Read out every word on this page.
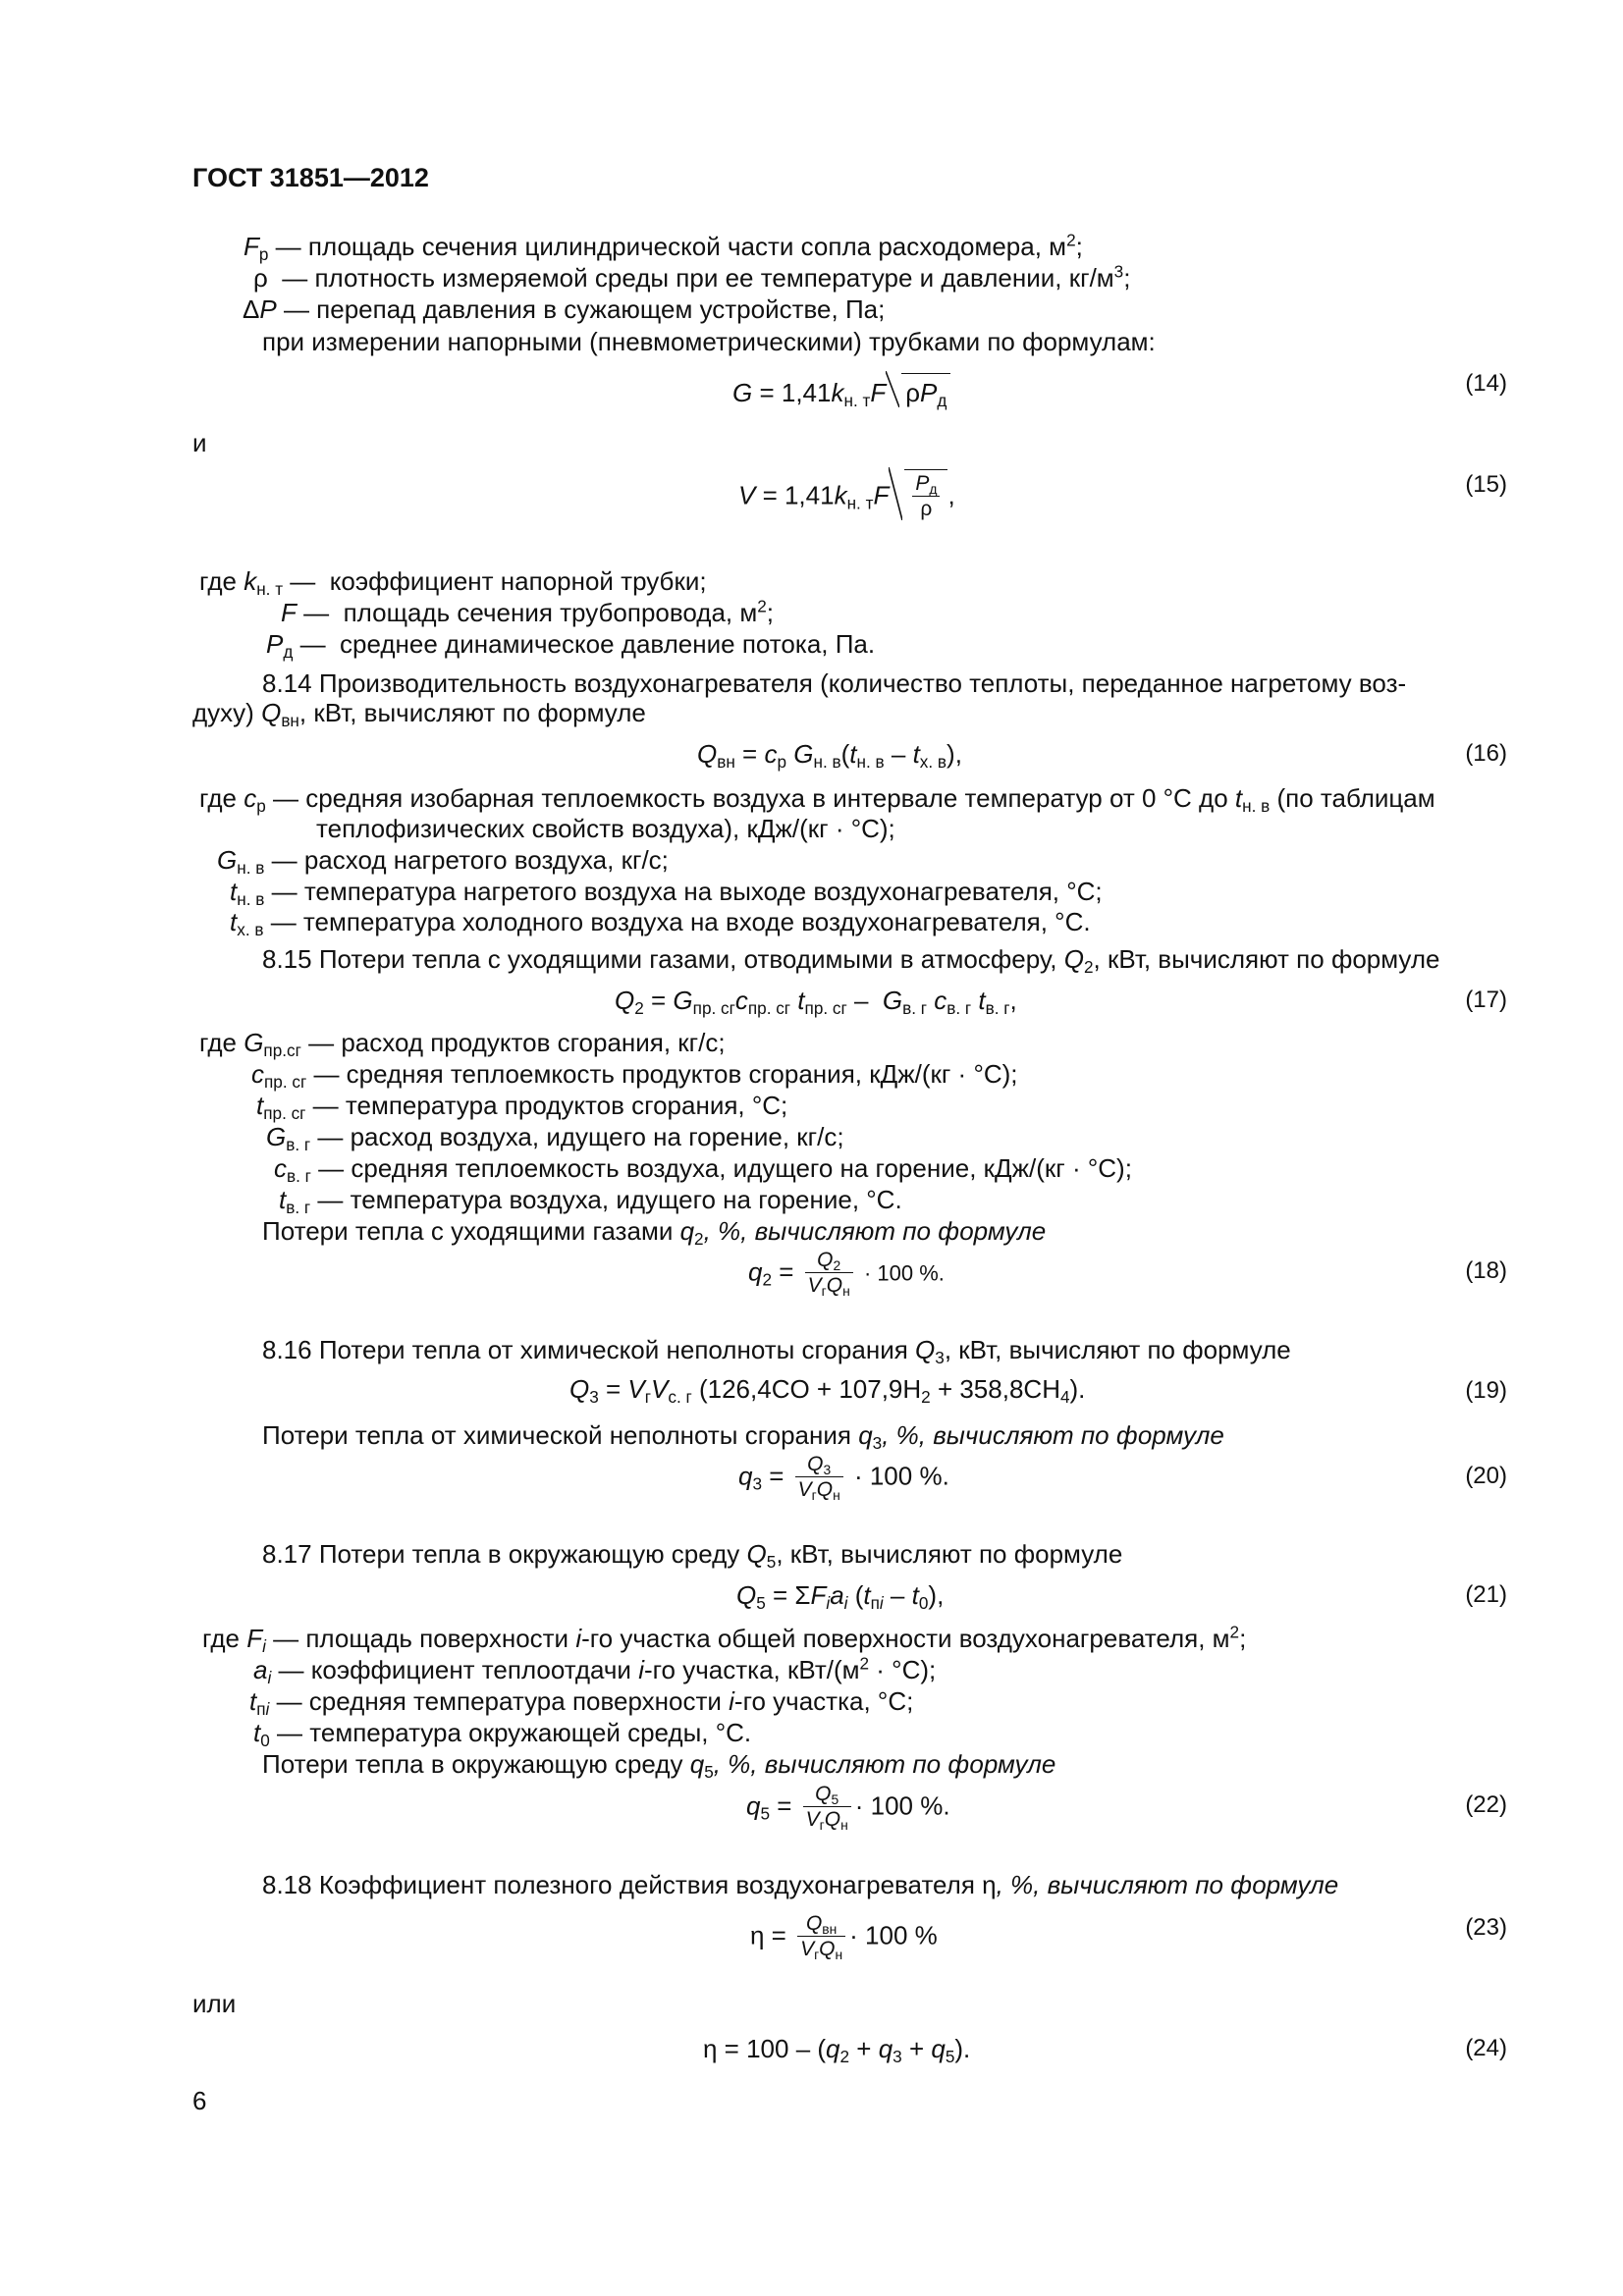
ГОСТ 31851—2012
$F_р$ — площадь сечения цилиндрической части сопла расходомера, $м^2$;
ρ  — плотность измеряемой среды при ее температуре и давлении, $кг/м^3$;
ΔP — перепад давления в сужающем устройстве, Па;
при измерении напорными (пневмометрическими) трубками по формулам:
$G = 1,41k_{н. т}F$ $\rho P_д$
(14)
и
$V = 1,41k_{н. т}F \frac{P_д}{\rho}$ ,	(15)
где $k_{н. т}$ —  коэффициент напорной трубки;
F —  площадь сечения трубопровода, $м^2$;
$P_д$ —  среднее динамическое давление потока, Па.
8.14 Производительность воздухонагревателя (количество теплоты, переданное нагретому воз-
духу) $Q_{вн}$, кВт, вычисляют по формуле
$Q_{вн} = c_р$ $G_{н. в}(t_{н. в} - t_{х. в})$,	(16)
где $c_р$ — средняя изобарная теплоемкость воздуха в интервале температур от 0 °С до $t_{н. в}$ (по таблицам
теплофизических свойств воздуха), кДж/(кг · °С);
$G_{н. в}$ — расход нагретого воздуха, кг/с;
$t_{н. в}$ — температура нагретого воздуха на выходе воздухонагревателя, °С;
$t_{х. в}$ — температура холодного воздуха на входе воздухонагревателя, °С.
8.15 Потери тепла с уходящими газами, отводимыми в атмосферу, $Q_2$, кВт, вычисляют по формуле
$Q_2 = G_{пр. сг}c_{пр. сг}$ $t_{пр. сг} - G_{в. г}$ $c_{в. г}$ $t_{в. г}$,	(17)
где $G_{пр.сг}$ — расход продуктов сгорания, кг/с;
$c_{пр. сг}$ — средняя теплоемкость продуктов сгорания, кДж/(кг · °С);
$t_{пр. сг}$ — температура продуктов сгорания, °С;
$G_{в. г}$ — расход воздуха, идущего на горение, кг/с;
$c_{в. г}$ — средняя теплоемкость воздуха, идущего на горение, кДж/(кг · °С);
$t_{в. г}$ — температура воздуха, идущего на горение, °С.
Потери тепла с уходящими газами $q_2$, %, вычисляют по формуле
$q_2 = \frac{Q_2}{V_гQ_н} \cdot 100$ %.	(18)
8.16 Потери тепла от химической неполноты сгорания $Q_3$, кВт, вычисляют по формуле
$Q_3 = V_гV_{с. г}$ $(126,4CO + 107,9H_2 + 358,8CH_4)$.	(19)
Потери тепла от химической неполноты сгорания $q_3$, %, вычисляют по формуле
$q_3 = \frac{Q_3}{V_гQ_н} \cdot 100$ %.	(20)
8.17 Потери тепла в окружающую среду $Q_5$, кВт, вычисляют по формуле
$Q_5 = \Sigma F_ia_i$ $(t_{пi} - t_0)$,	(21)
где $F_i$ — площадь поверхности i-го участка общей поверхности воздухонагревателя, $м^2$;
$a_i$ — коэффициент теплоотдачи i-го участка, кВт/$(м^2 \cdot ^\circ С)$;
$t_{пi}$ — средняя температура поверхности i-го участка, °С;
$t_0$ — температура окружающей среды, °С.
Потери тепла в окружающую среду $q_5$, %, вычисляют по формуле
$q_5 = \frac{Q_5}{V_гQ_н} \cdot 100$ %.	(22)
8.18 Коэффициент полезного действия воздухонагревателя η, %, вычисляют по формуле
$\eta = \frac{Q_{вн}}{V_гQ_н} \cdot 100$ %	(23)
или
$\eta = 100 - (q_2 + q_3 + q_5)$.	(24)
6
